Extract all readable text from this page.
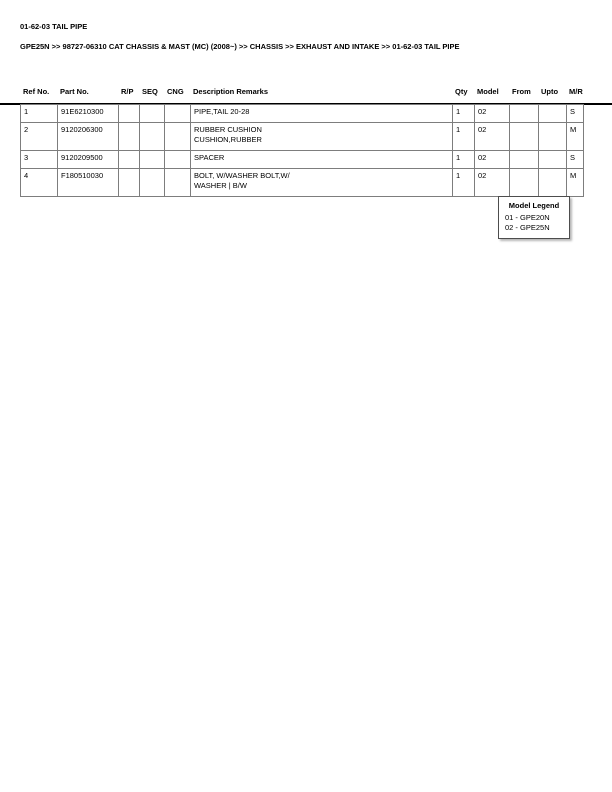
01-62-03 TAIL PIPE
GPE25N >> 98727-06310 CAT CHASSIS & MAST (MC) (2008~) >> CHASSIS >> EXHAUST AND INTAKE >> 01-62-03 TAIL PIPE
Ref No.	Part No.	R/P	SEQ	CNG	Description Remarks	Qty	Model	From	Upto	M/R
1	91E6210300				PIPE,TAIL 20-28	1	02			S
2	9120206300				RUBBER CUSHION
CUSHION,RUBBER	1	02			M
3	9120209500				SPACER	1	02			S
4	F180510030				BOLT, W/WASHER BOLT,W/
WASHER | B/W	1	02			M
Model Legend
01 - GPE20N
02 - GPE25N
